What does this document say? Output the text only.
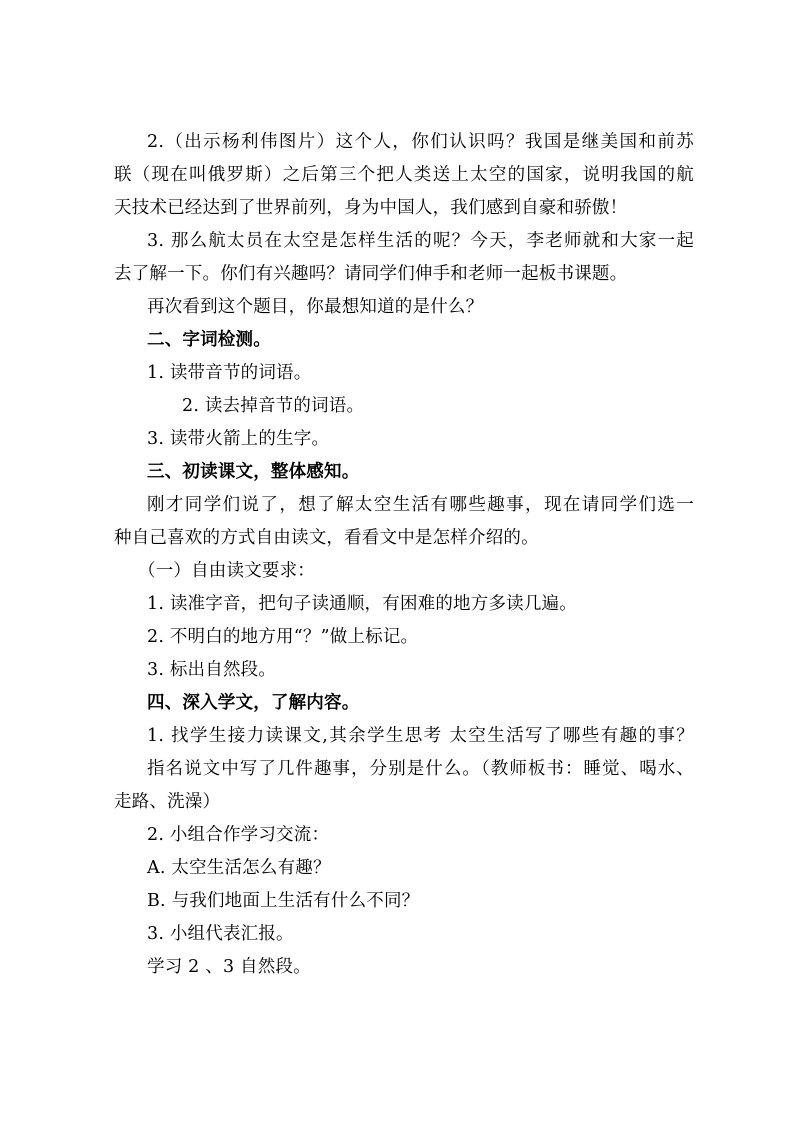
2.（出示杨利伟图片）这个人，你们认识吗？我国是继美国和前苏
联（现在叫俄罗斯）之后第三个把人类送上太空的国家，说明我国的航
天技术已经达到了世界前列，身为中国人，我们感到自豪和骄傲！
3. 那么航太员在太空是怎样生活的呢？今天，李老师就和大家一起
去了解一下。你们有兴趣吗？请同学们伸手和老师一起板书课题。
再次看到这个题目，你最想知道的是什么？
二、字词检测。
1. 读带音节的词语。
2. 读去掉音节的词语。
3. 读带火箭上的生字。
三、初读课文，整体感知。
刚才同学们说了，想了解太空生活有哪些趣事，现在请同学们选一
种自己喜欢的方式自由读文，看看文中是怎样介绍的。
（一）自由读文要求：
1. 读准字音，把句子读通顺，有困难的地方多读几遍。
2. 不明白的地方用“？”做上标记。
3. 标出自然段。
四、深入学文，了解内容。
1. 找学生接力读课文,其余学生思考 太空生活写了哪些有趣的事？
指名说文中写了几件趣事，分别是什么。（教师板书：睡觉、喝水、
走路、洗澡）
2. 小组合作学习交流：
A. 太空生活怎么有趣？
B. 与我们地面上生活有什么不同？
3. 小组代表汇报。
学习 2 、3 自然段。
